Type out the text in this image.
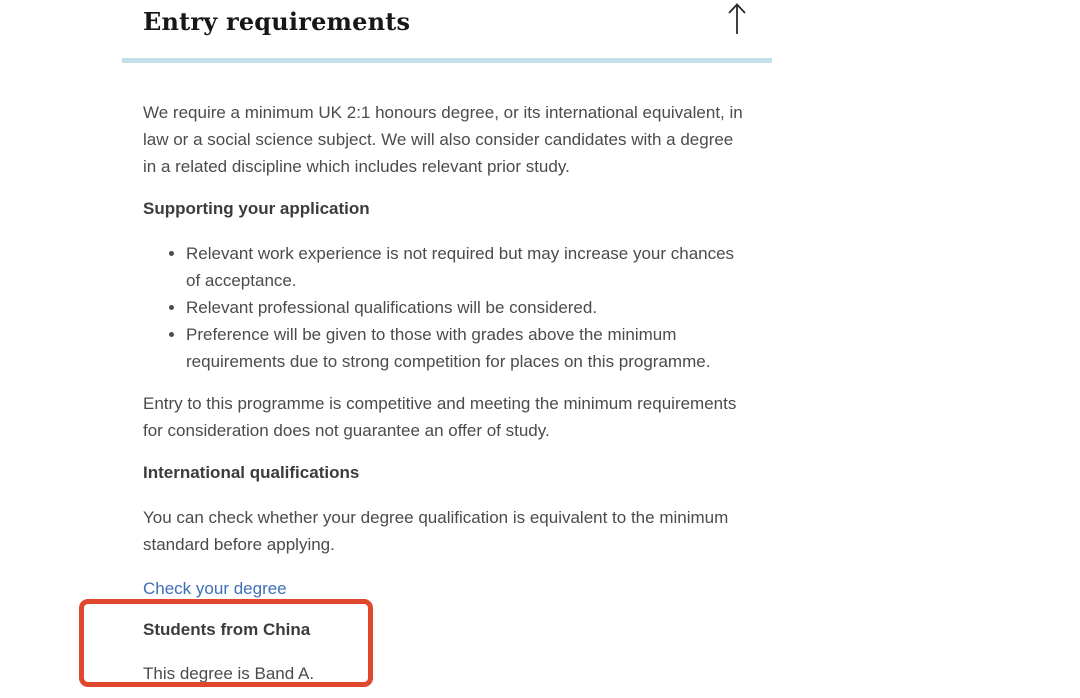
Entry requirements

We require a minimum UK 2:1 honours degree, or its international equivalent, in law or a social science subject. We will also consider candidates with a degree in a related discipline which includes relevant prior study.

Supporting your application
• Relevant work experience is not required but may increase your chances of acceptance.
• Relevant professional qualifications will be considered.
• Preference will be given to those with grades above the minimum requirements due to strong competition for places on this programme.

Entry to this programme is competitive and meeting the minimum requirements for consideration does not guarantee an offer of study.

International qualifications

You can check whether your degree qualification is equivalent to the minimum standard before applying.

Check your degree
Students from China

This degree is Band A.
